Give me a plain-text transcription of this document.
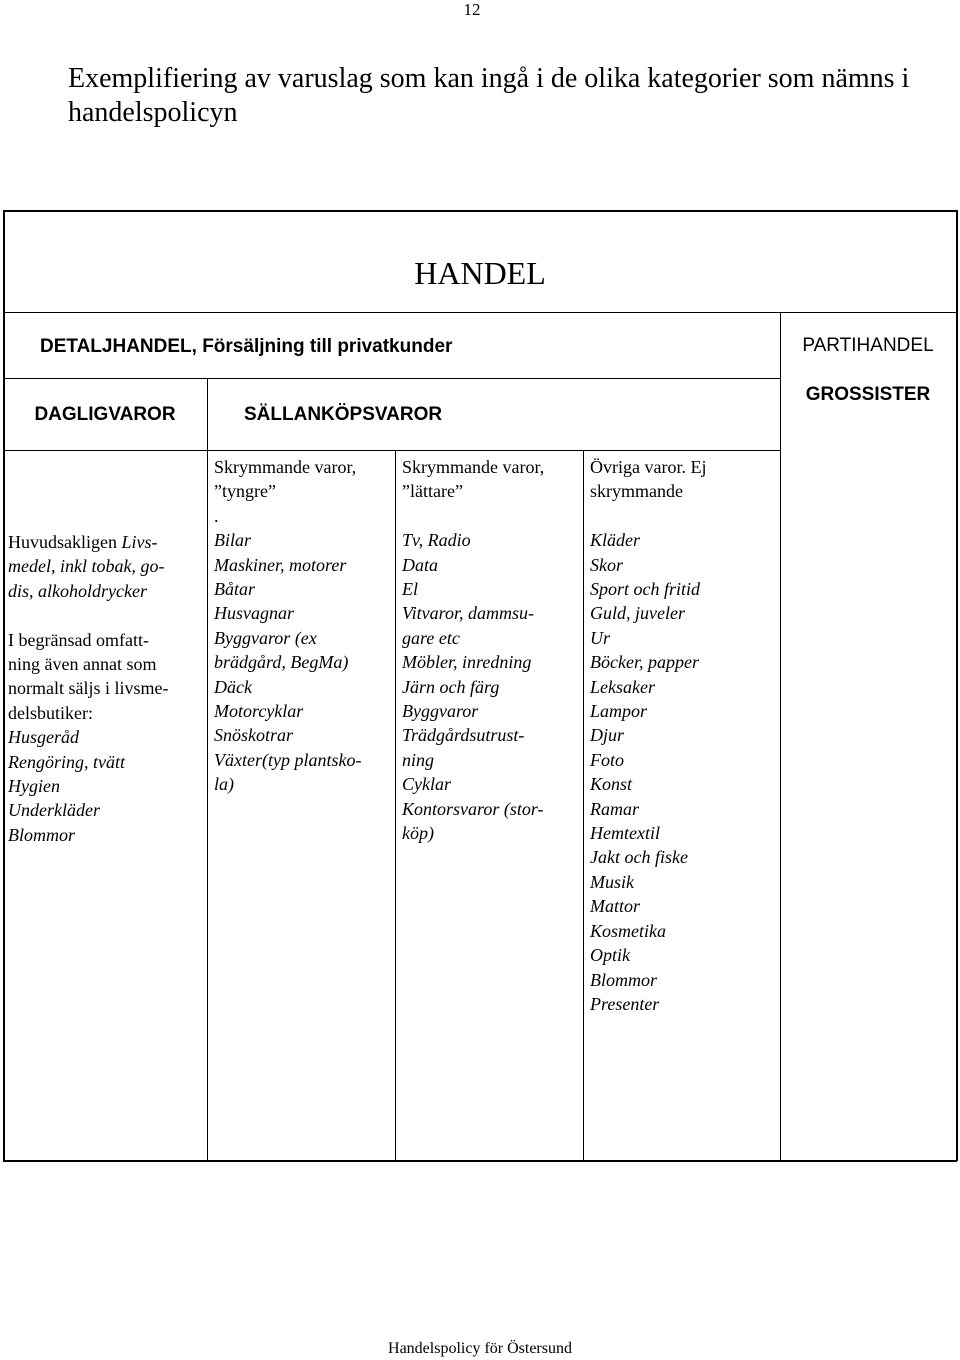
12
Exemplifiering av varuslag som kan ingå i de olika kategorier som nämns i handelspolicyn
HANDEL
DETALJHANDEL, Försäljning till privatkunder	PARTIHANDEL
DAGLIGVAROR	SÄLLANKÖPSVAROR
GROSSISTER
Huvudsakligen Livs-
medel, inkl tobak, go-
dis, alkoholdrycker
I begränsad omfatt-
ning även annat som
normalt säljs i livsme-
delsbutiker:
Husgeråd
Rengöring, tvätt
Hygien
Underkläder
Blommor
Skrymmande varor,
”tyngre”
.
Bilar
Maskiner, motorer
Båtar
Husvagnar
Byggvaror (ex
brädgård, BegMa)
Däck
Motorcyklar
Snöskotrar
Växter(typ plantsko-
la)
Skrymmande varor,
”lättare”
Tv, Radio
Data
El
Vitvaror, dammsu-
gare etc
Möbler, inredning
Järn och färg
Byggvaror
Trädgårdsutrust-
ning
Cyklar
Kontorsvaror (stor-
köp)
Övriga varor. Ej
skrymmande
Kläder
Skor
Sport och fritid
Guld, juveler
Ur
Böcker, papper
Leksaker
Lampor
Djur
Foto
Konst
Ramar
Hemtextil
Jakt och fiske
Musik
Mattor
Kosmetika
Optik
Blommor
Presenter
Handelspolicy för Östersund
